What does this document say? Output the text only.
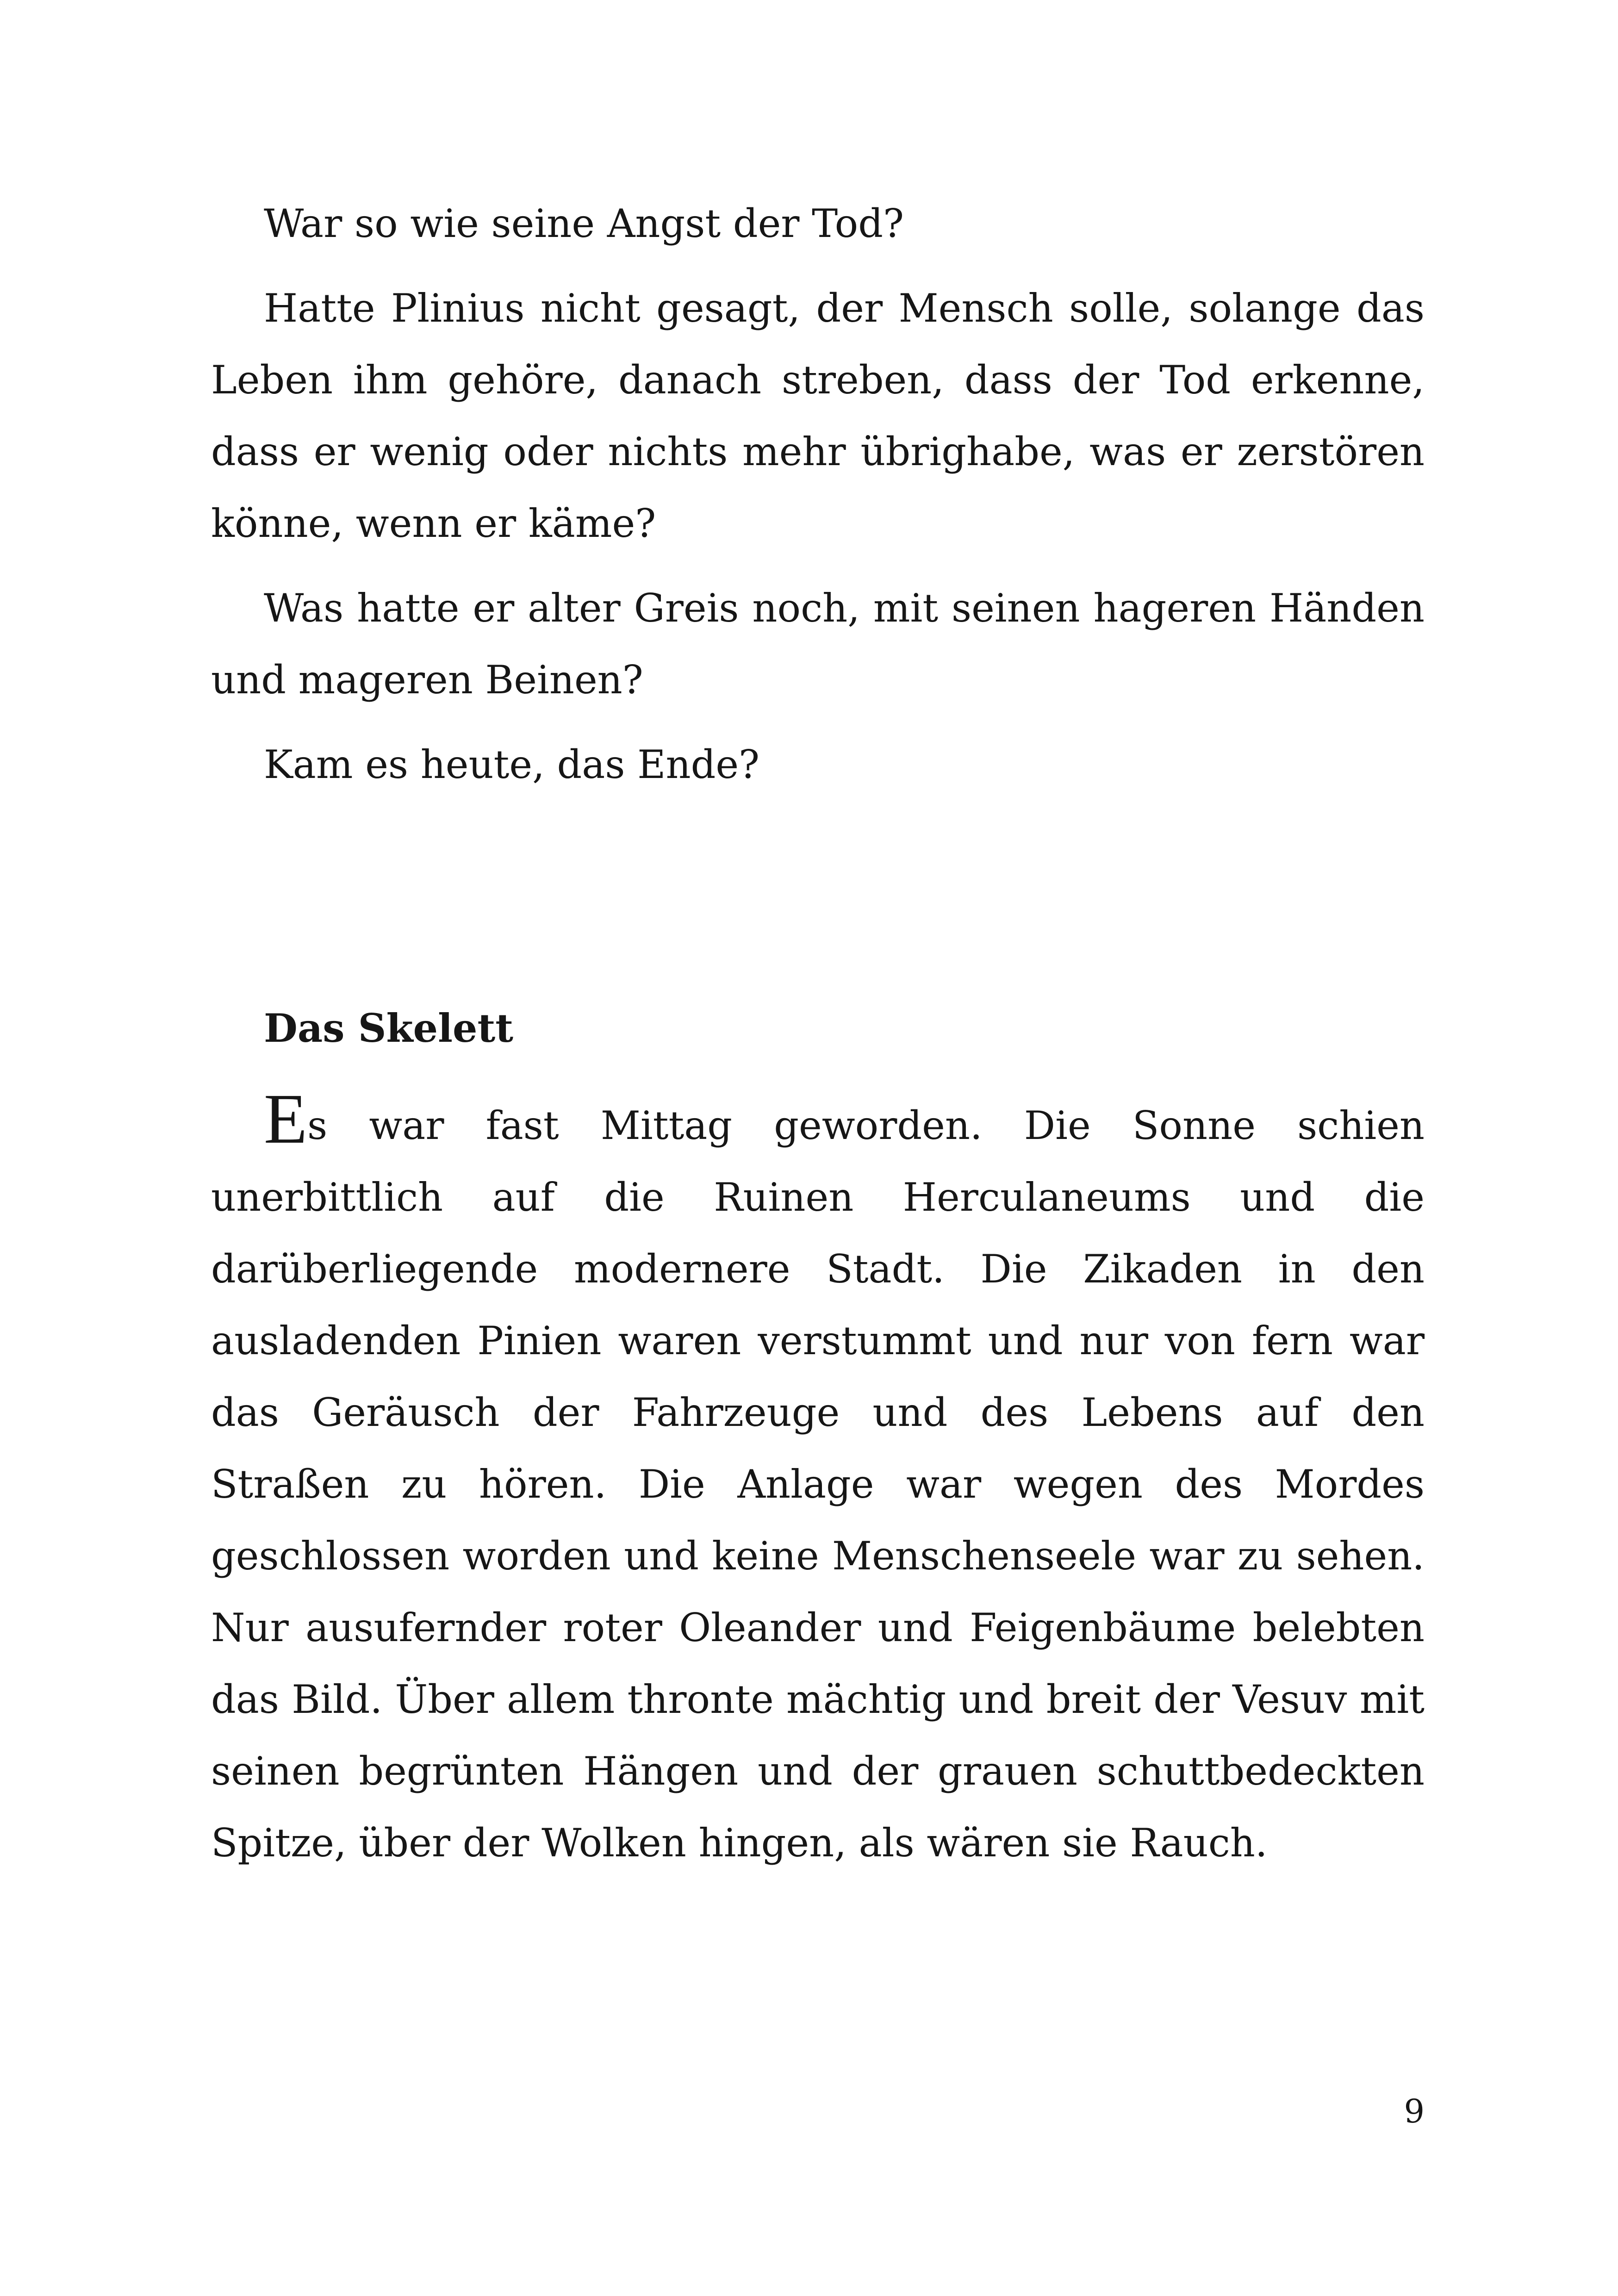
War so wie seine Angst der Tod?

Hatte Plinius nicht gesagt, der Mensch solle, solange das Leben ihm gehöre, danach streben, dass der Tod erkenne, dass er wenig oder nichts mehr übrighabe, was er zerstören könne, wenn er käme?

Was hatte er alter Greis noch, mit seinen hageren Händen und mageren Beinen?

Kam es heute, das Ende?

Das Skelett

Es war fast Mittag geworden. Die Sonne schien unerbittlich auf die Ruinen Herculaneums und die darüberliegende modernere Stadt. Die Zikaden in den ausladenden Pinien waren verstummt und nur von fern war das Geräusch der Fahrzeuge und des Lebens auf den Straßen zu hören. Die Anlage war wegen des Mordes geschlossen worden und keine Menschenseele war zu sehen. Nur ausufernder roter Oleander und Feigenbäume belebten das Bild. Über allem thronte mächtig und breit der Vesuv mit seinen begrünten Hängen und der grauen schuttbedeckten Spitze, über der Wolken hingen, als wären sie Rauch.

9
